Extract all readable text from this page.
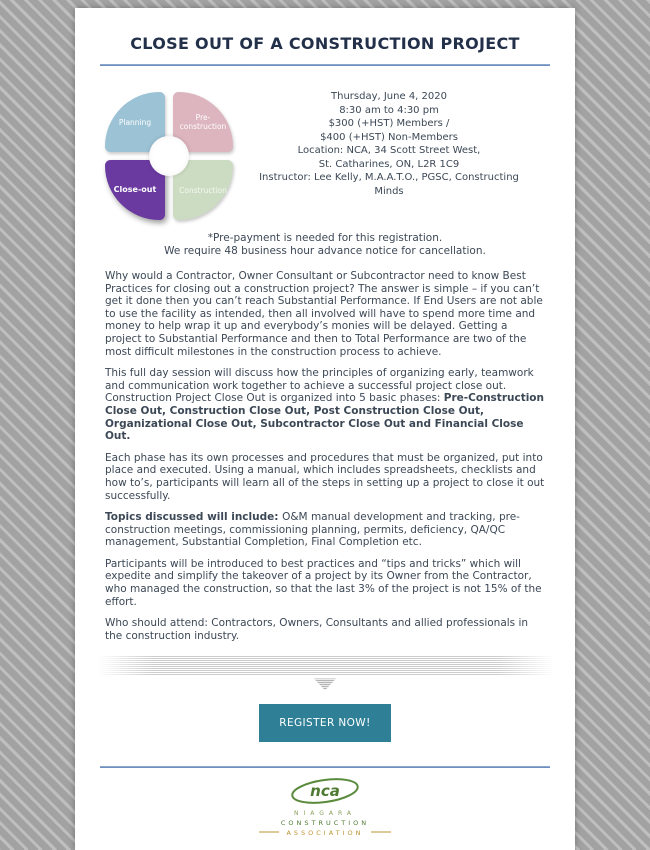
CLOSE OUT OF A CONSTRUCTION PROJECT
Planning	Pre-construction
Close-out	Construction
Thursday, June 4, 2020
8:30 am to 4:30 pm
$300 (+HST) Members /
$400 (+HST) Non-Members
Location: NCA, 34 Scott Street West,
St. Catharines, ON, L2R 1C9
Instructor: Lee Kelly, M.A.A.T.O., PGSC, Constructing
Minds
*Pre-payment is needed for this registration.
We require 48 business hour advance notice for cancellation.

Why would a Contractor, Owner Consultant or Subcontractor need to know Best Practices for closing out a construction project? The answer is simple – if you can’t get it done then you can’t reach Substantial Performance. If End Users are not able to use the facility as intended, then all involved will have to spend more time and money to help wrap it up and everybody’s monies will be delayed. Getting a project to Substantial Performance and then to Total Performance are two of the most difficult milestones in the construction process to achieve.

This full day session will discuss how the principles of organizing early, teamwork and communication work together to achieve a successful project close out.
Construction Project Close Out is organized into 5 basic phases: Pre-Construction Close Out, Construction Close Out, Post Construction Close Out, Organizational Close Out, Subcontractor Close Out and Financial Close Out.

Each phase has its own processes and procedures that must be organized, put into place and executed. Using a manual, which includes spreadsheets, checklists and how to’s, participants will learn all of the steps in setting up a project to close it out successfully.

Topics discussed will include: O&M manual development and tracking, pre-construction meetings, commissioning planning, permits, deficiency, QA/QC management, Substantial Completion, Final Completion etc.

Participants will be introduced to best practices and “tips and tricks” which will expedite and simplify the takeover of a project by its Owner from the Contractor, who managed the construction, so that the last 3% of the project is not 15% of the effort.

Who should attend: Contractors, Owners, Consultants and allied professionals in the construction industry.

REGISTER NOW!
nca
NIAGARA
CONSTRUCTION
ASSOCIATION
